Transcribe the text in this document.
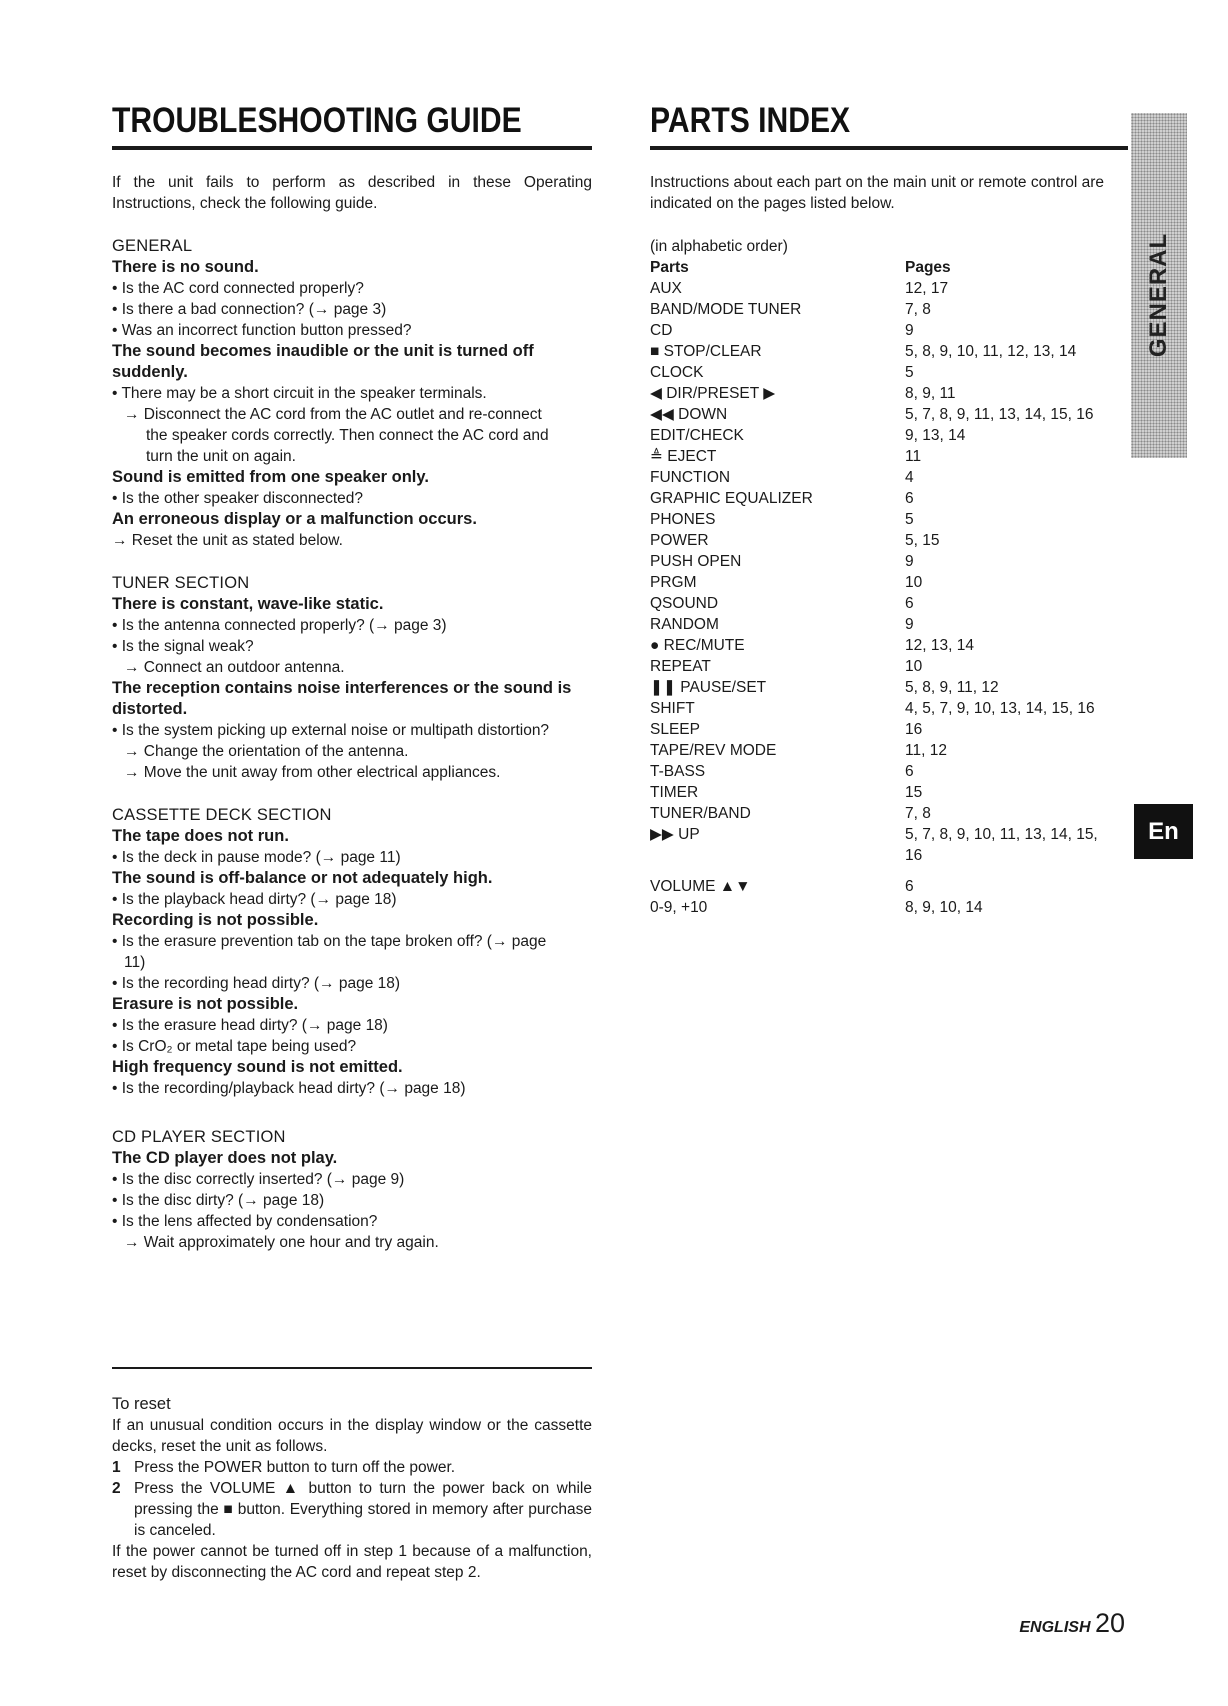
TROUBLESHOOTING GUIDE

If the unit fails to perform as described in these Operating Instructions, check the following guide.

GENERAL
There is no sound.
• Is the AC cord connected properly?
• Is there a bad connection? (→ page 3)
• Was an incorrect function button pressed?
The sound becomes inaudible or the unit is turned off suddenly.
• There may be a short circuit in the speaker terminals.
→ Disconnect the AC cord from the AC outlet and re-connect
the speaker cords correctly. Then connect the AC cord and
turn the unit on again.
Sound is emitted from one speaker only.
• Is the other speaker disconnected?
An erroneous display or a malfunction occurs.
→ Reset the unit as stated below.
TUNER SECTION
There is constant, wave-like static.
• Is the antenna connected properly? (→ page 3)
• Is the signal weak?
→ Connect an outdoor antenna.
The reception contains noise interferences or the sound is distorted.
• Is the system picking up external noise or multipath distortion?
→ Change the orientation of the antenna.
→ Move the unit away from other electrical appliances.
CASSETTE DECK SECTION
The tape does not run.
• Is the deck in pause mode? (→ page 11)
The sound is off-balance or not adequately high.
• Is the playback head dirty? (→ page 18)
Recording is not possible.
• Is the erasure prevention tab on the tape broken off? (→ page
11)
• Is the recording head dirty? (→ page 18)
Erasure is not possible.
• Is the erasure head dirty? (→ page 18)
• Is CrO₂ or metal tape being used?
High frequency sound is not emitted.
• Is the recording/playback head dirty? (→ page 18)
CD PLAYER SECTION
The CD player does not play.
• Is the disc correctly inserted? (→ page 9)
• Is the disc dirty? (→ page 18)
• Is the lens affected by condensation?
→ Wait approximately one hour and try again.
To reset

If an unusual condition occurs in the display window or the cassette decks, reset the unit as follows.

1 Press the POWER button to turn off the power.
2 Press the VOLUME ▲ button to turn the power back on while pressing the ■ button. Everything stored in memory after purchase is canceled.

If the power cannot be turned off in step 1 because of a malfunction, reset by disconnecting the AC cord and repeat step 2.

PARTS INDEX

Instructions about each part on the main unit or remote control are indicated on the pages listed below.

(in alphabetic order)
Parts	Pages
AUX	12, 17
BAND/MODE TUNER	7, 8
CD	9
■ STOP/CLEAR	5, 8, 9, 10, 11, 12, 13, 14
CLOCK	5
◀ DIR/PRESET ▶	8, 9, 11
◀◀ DOWN	5, 7, 8, 9, 11, 13, 14, 15, 16
EDIT/CHECK	9, 13, 14
≜ EJECT	11
FUNCTION	4
GRAPHIC EQUALIZER	6
PHONES	5
POWER	5, 15
PUSH OPEN	9
PRGM	10
QSOUND	6
RANDOM	9
● REC/MUTE	12, 13, 14
REPEAT	10
❚❚ PAUSE/SET	5, 8, 9, 11, 12
SHIFT	4, 5, 7, 9, 10, 13, 14, 15, 16
SLEEP	16
TAPE/REV MODE	11, 12
T-BASS	6
TIMER	15
TUNER/BAND	7, 8
▶▶ UP	5, 7, 8, 9, 10, 11, 13, 14, 15,
16
VOLUME ▲▼	6
0-9, +10	8, 9, 10, 14
GENERAL
En
ENGLISH 20
